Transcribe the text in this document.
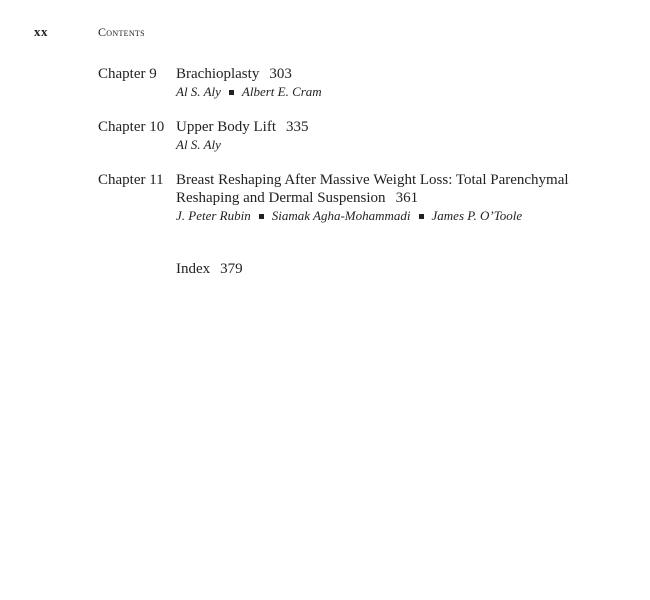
xx	Contents
Chapter 9 Brachioplasty 303
Al S. Aly Albert E. Cram
Chapter 10 Upper Body Lift 335
Al S. Aly
Chapter 11 Breast Reshaping After Massive Weight Loss: Total Parenchymal
Reshaping and Dermal Suspension 361
J. Peter Rubin Siamak Agha-Mohammadi James P. O’Toole
Index 379
